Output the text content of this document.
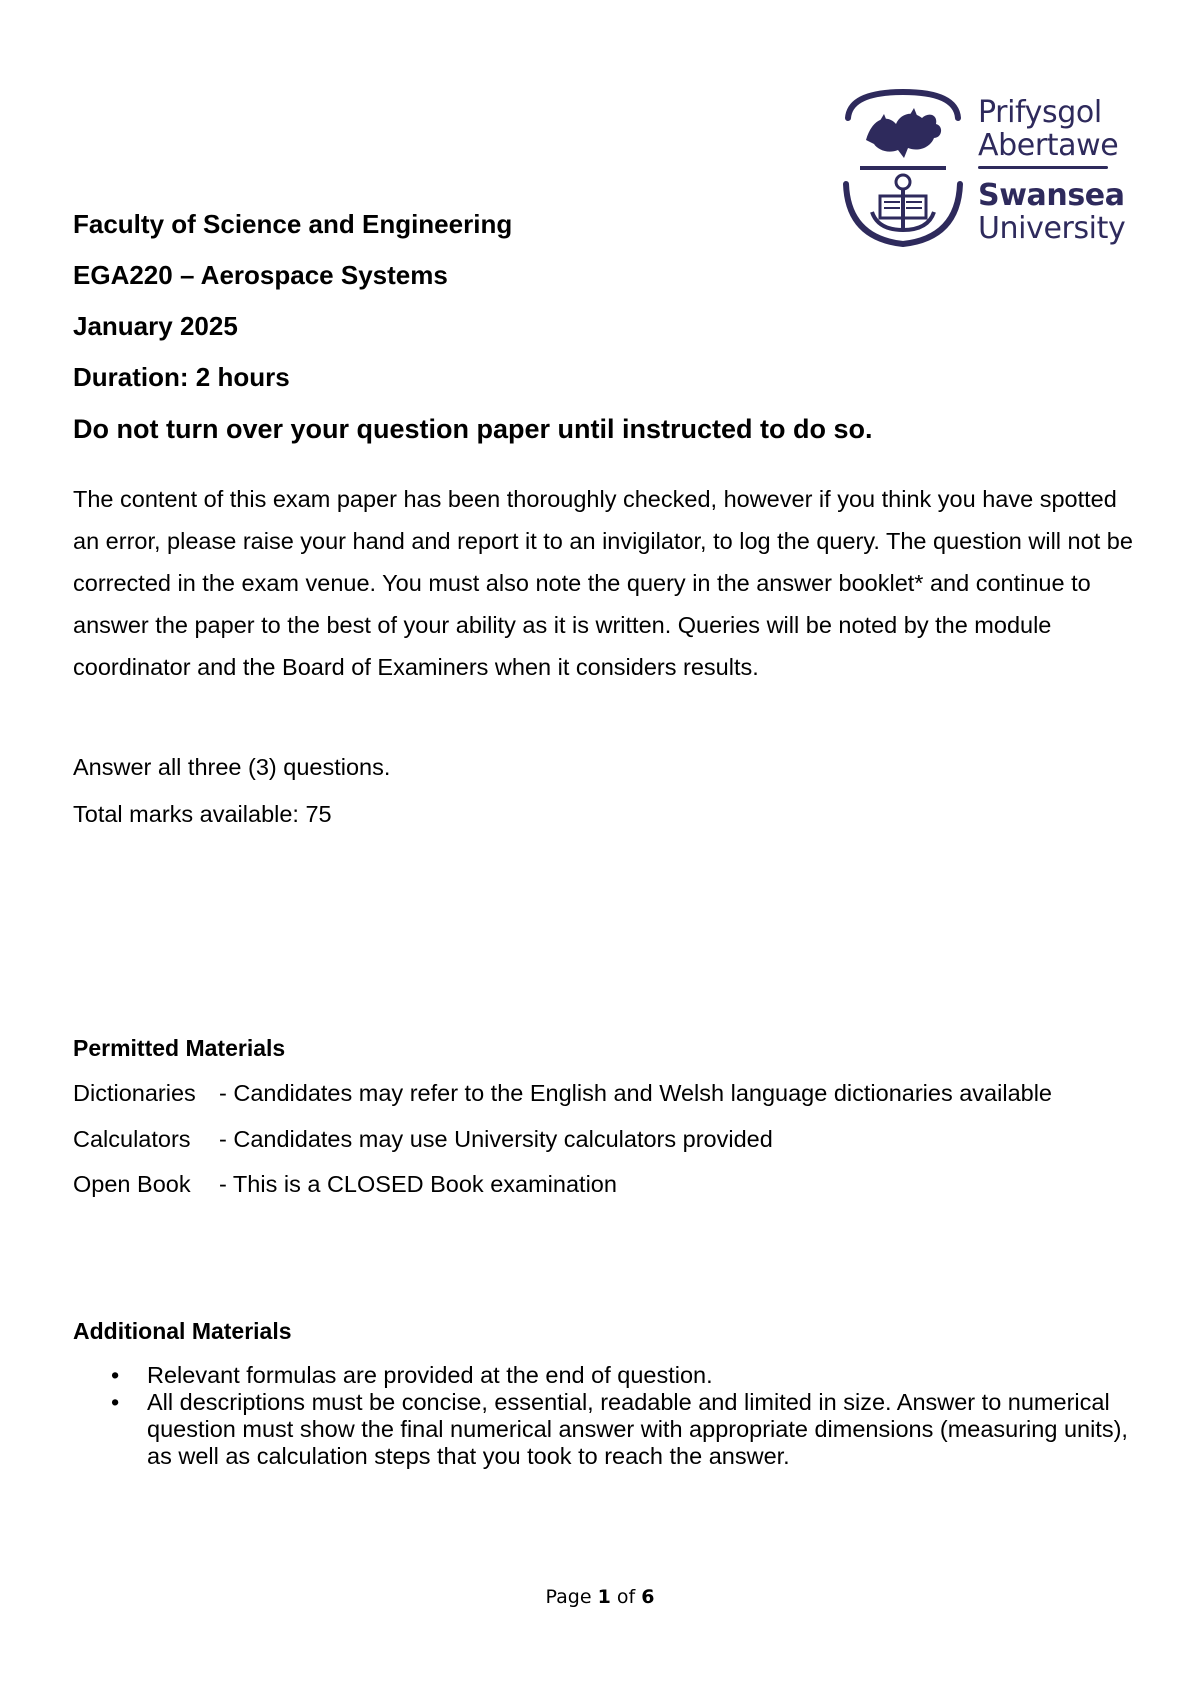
Prifysgol
Abertawe
Swansea
University
Faculty of Science and Engineering
EGA220 – Aerospace Systems
January 2025
Duration: 2 hours
Do not turn over your question paper until instructed to do so.
The content of this exam paper has been thoroughly checked, however if you think you have spotted an error, please raise your hand and report it to an invigilator, to log the query. The question will not be corrected in the exam venue. You must also note the query in the answer booklet* and continue to answer the paper to the best of your ability as it is written. Queries will be noted by the module coordinator and the Board of Examiners when it considers results.
Answer all three (3) questions.
Total marks available: 75
Permitted Materials
Dictionaries - Candidates may refer to the English and Welsh language dictionaries available
Calculators - Candidates may use University calculators provided
Open Book - This is a CLOSED Book examination
Additional Materials
• Relevant formulas are provided at the end of question.
• All descriptions must be concise, essential, readable and limited in size. Answer to numerical question must show the final numerical answer with appropriate dimensions (measuring units), as well as calculation steps that you took to reach the answer.
Page 1 of 6
